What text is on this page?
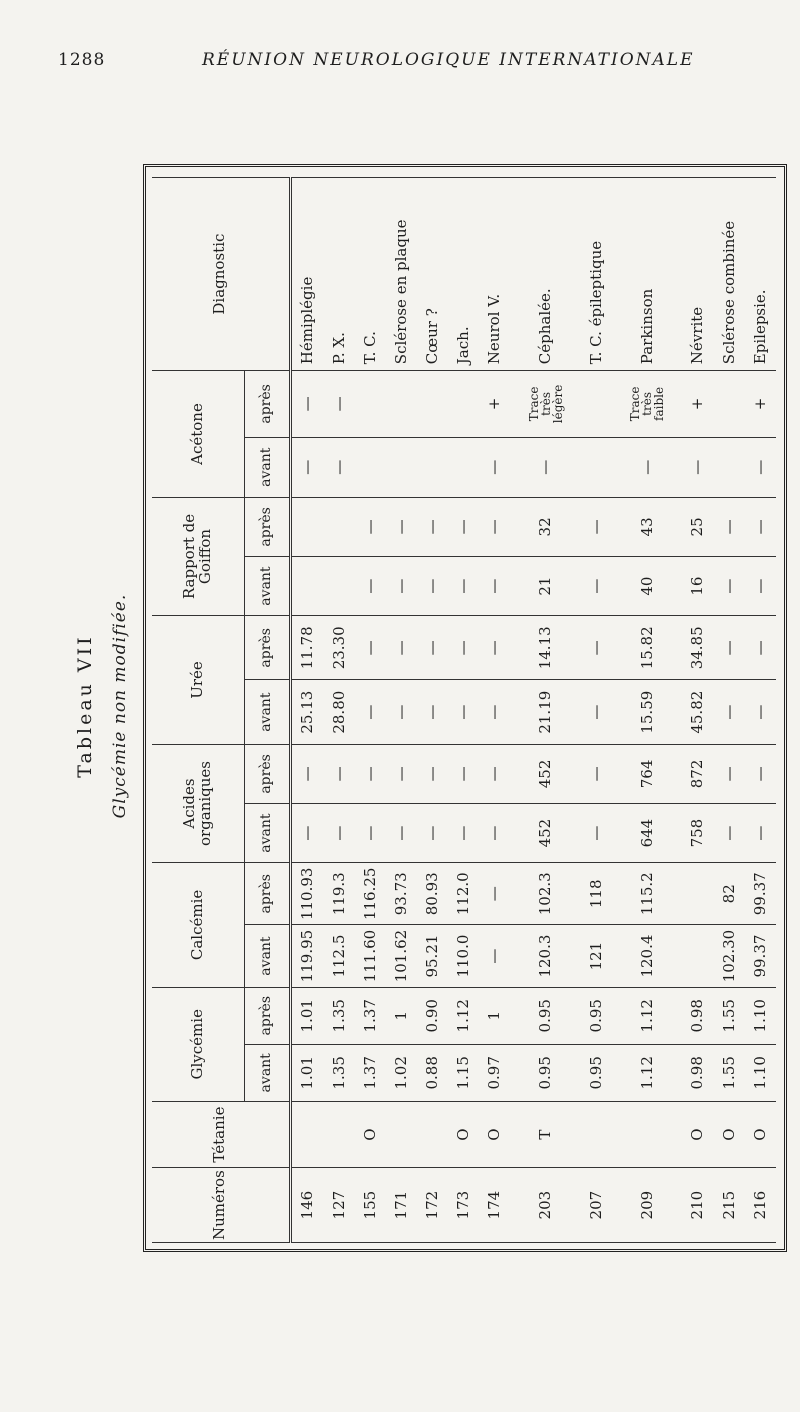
1288	RÉUNION NEUROLOGIQUE INTERNATIONALE
Tableau VII Glycémie non modifiée.
Numéros	Tétanie	Glycémie		Calcémie		Acides organiques		Urée		Rapport de Goiffon		Acétone		Diagnostic
		avant	après	avant	après	avant	après	avant	après	avant	après	avant	après	
146		1.01	1.01	119.95	110.93	—	—	25.13	11.78			—	—	Hémiplégie
127		1.35	1.35	112.5	119.3	—	—	28.80	23.30			—	—	P. X.
155	O	1.37	1.37	111.60	116.25	—	—	—	—	—	—			T. C.
171		1.02	1	101.62	93.73	—	—	—	—	—	—			Sclérose en plaque
172		0.88	0.90	95.21	80.93	—	—	—	—	—	—			Cœur ?
173	O	1.15	1.12	110.0	112.0	—	—	—	—	—	—			Jach.
174	O	0.97	1	—	—	—	—	—	—	—	—	—	+	Neurol V.
203	T	0.95	0.95	120.3	102.3	452	452	21.19	14.13	21	32	—	Trace très légère	Céphalée.
207		0.95	0.95	121	118	—	—	—	—	—	—			T. C. épileptique
209		1.12	1.12	120.4	115.2	644	764	15.59	15.82	40	43	—	Trace très faible	Parkinson
210	O	0.98	0.98			758	872	45.82	34.85	16	25	—	+	Névrite
215	O	1.55	1.55	102.30	82	—	—	—	—	—	—			Sclérose combinée
216	O	1.10	1.10	99.37	99.37	—	—	—	—	—	—	—	+	Epilepsie.
